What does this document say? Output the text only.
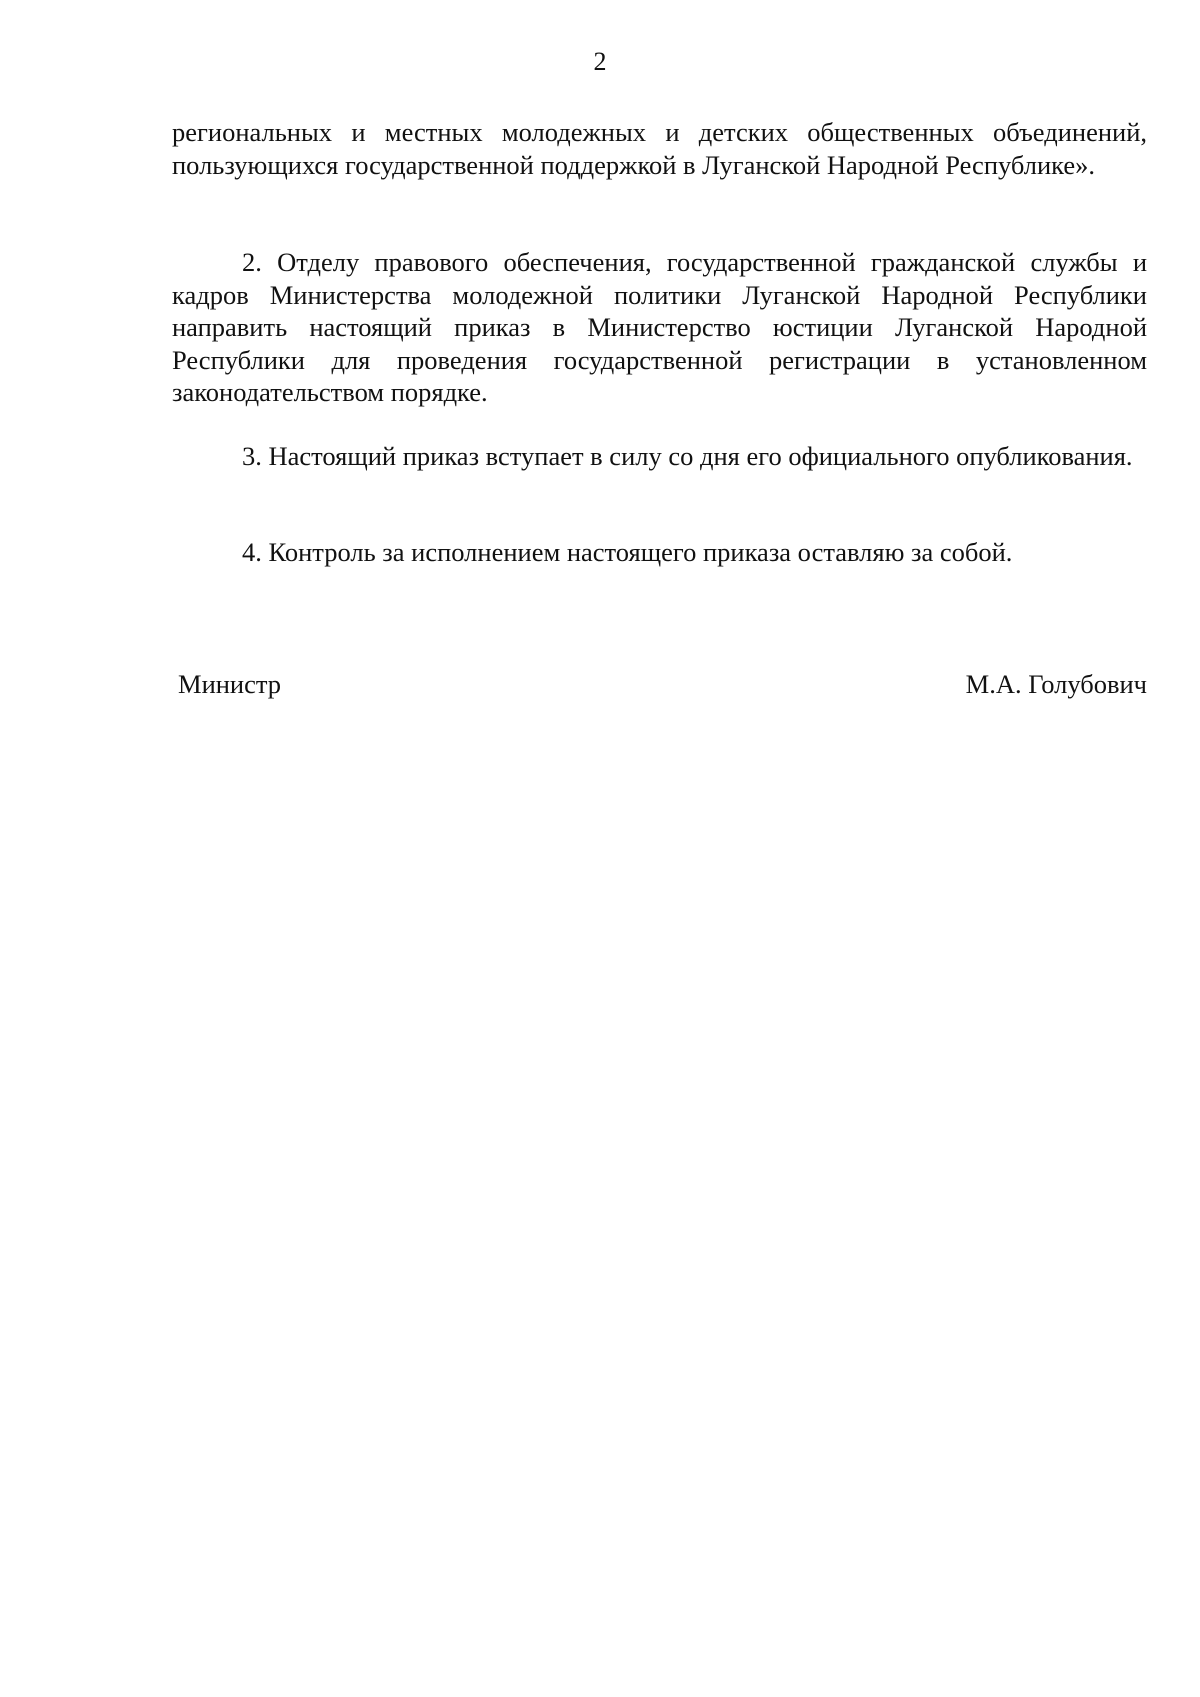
2

региональных и местных молодежных и детских общественных объединений, пользующихся государственной поддержкой в Луганской Народной Республике».

2. Отделу правового обеспечения, государственной гражданской службы и кадров Министерства молодежной политики Луганской Народной Республики направить настоящий приказ в Министерство юстиции Луганской Народной Республики для проведения государственной регистрации в установленном законодательством порядке.

3. Настоящий приказ вступает в силу со дня его официального опубликования.

4. Контроль за исполнением настоящего приказа оставляю за собой.

Министр	М.А. Голубович
